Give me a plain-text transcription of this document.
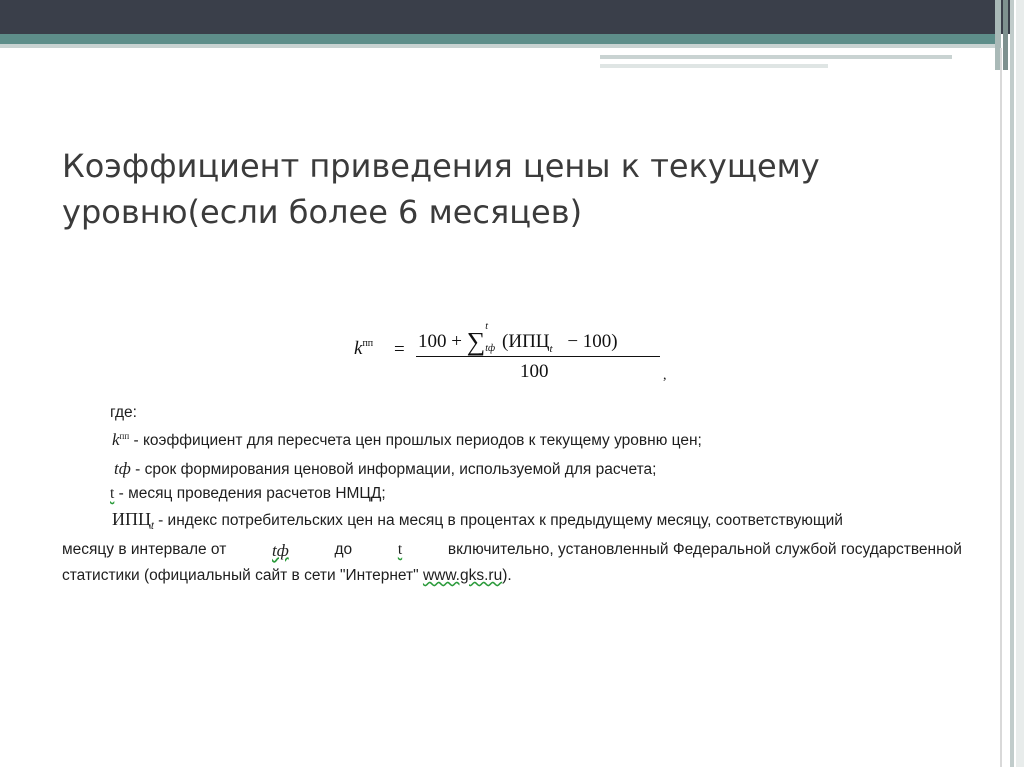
Коэффициент приведения цены к текущему
уровню(если более 6 месяцев)
$k^{пп} = 100$ + ∑
t
tф $(ИПЦ_t - 100)$
100	,
где:
$k^{пп}$ - коэффициент для пересчета цен прошлых периодов к текущему уровню цен;
tф - срок формирования ценовой информации, используемой для расчета;
t - месяц проведения расчетов НМЦД;
$ИПЦ_t$ - индекс потребительских цен на месяц в процентах к предыдущему месяцу, соответствующий
месяцу в интервале от	tф	до	t	включительно, установленный Федеральной службой государственной
статистики (официальный сайт в сети "Интернет" www.gks.ru).
